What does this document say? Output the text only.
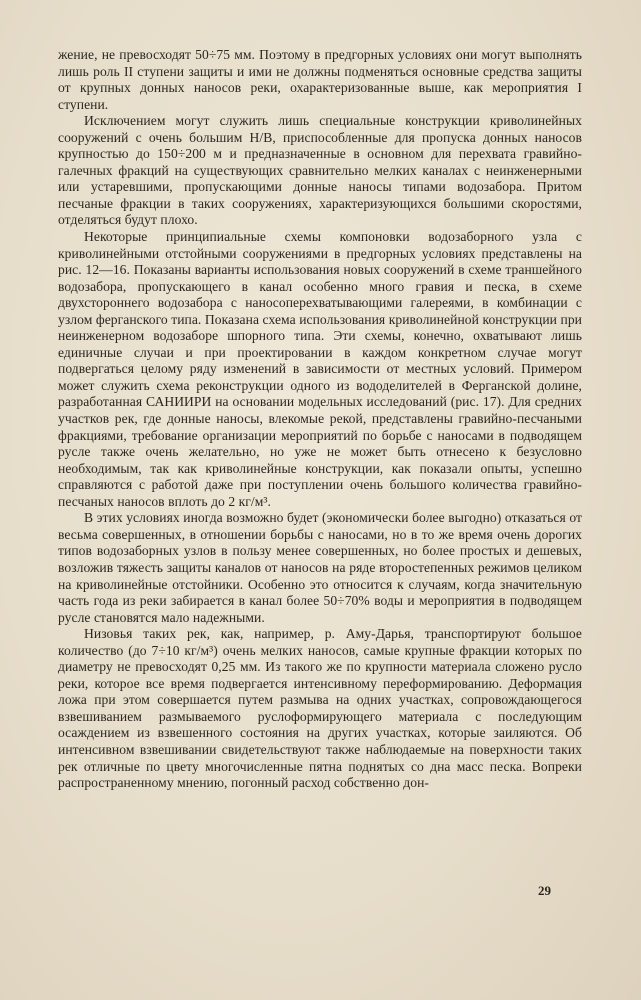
жение, не превосходят 50÷75 мм. Поэтому в предгорных условиях они могут выполнять лишь роль II ступени защиты и ими не должны подменяться основные средства защиты от крупных донных наносов реки, охарактеризованные выше, как мероприятия I ступени.

Исключением могут служить лишь специальные конструкции криволинейных сооружений с очень большим H/B, приспособленные для пропуска донных наносов крупностью до 150÷200 м и предназначенные в основном для перехвата гравийно-галечных фракций на существующих сравнительно мелких каналах с неинженерными или устаревшими, пропускающими донные наносы типами водозабора. Притом песчаные фракции в таких сооружениях, характеризующихся большими скоростями, отделяться будут плохо.

Некоторые принципиальные схемы компоновки водозаборного узла с криволинейными отстойными сооружениями в предгорных условиях представлены на рис. 12—16. Показаны варианты использования новых сооружений в схеме траншейного водозабора, пропускающего в канал особенно много гравия и песка, в схеме двухстороннего водозабора с наноcоперехватывающими галереями, в комбинации с узлом ферганского типа. Показана схема использования криволинейной конструкции при неинженерном водозаборе шпорного типа. Эти схемы, конечно, охватывают лишь единичные случаи и при проектировании в каждом конкретном случае могут подвергаться целому ряду изменений в зависимости от местных условий. Примером может служить схема реконструкции одного из вододелителей в Ферганской долине, разработанная САНИИРИ на основании модельных исследований (рис. 17). Для средних участков рек, где донные наносы, влекомые рекой, представлены гравийно-песчаными фракциями, требование организации мероприятий по борьбе с наносами в подводящем русле также очень желательно, но уже не может быть отнесено к безусловно необходимым, так как криволинейные конструкции, как показали опыты, успешно справляются с работой даже при поступлении очень большого количества гравийно-песчаных наносов вплоть до 2 кг/м³.

В этих условиях иногда возможно будет (экономически более выгодно) отказаться от весьма совершенных, в отношении борьбы с наносами, но в то же время очень дорогих типов водозаборных узлов в пользу менее совершенных, но более простых и дешевых, возложив тяжесть защиты каналов от наносов на ряде второстепенных режимов целиком на криволинейные отстойники. Особенно это относится к случаям, когда значительную часть года из реки забирается в канал более 50÷70% воды и мероприятия в подводящем русле становятся мало надежными.

Низовья таких рек, как, например, р. Аму-Дарья, транспортируют большое количество (до 7÷10 кг/м³) очень мелких наносов, самые крупные фракции которых по диаметру не превосходят 0,25 мм. Из такого же по крупности материала сложено русло реки, которое все время подвергается интенсивному переформированию. Деформация ложа при этом совершается путем размыва на одних участках, сопровождающегося взвешиванием размываемого руслоформирующего материала с последующим осаждением из взвешенного состояния на других участках, которые заиляются. Об интенсивном взвешивании свидетельствуют также наблюдаемые на поверхности таких рек отличные по цвету многочисленные пятна поднятых со дна масс песка. Вопреки распространенному мнению, погонный расход собственно дон-

29
